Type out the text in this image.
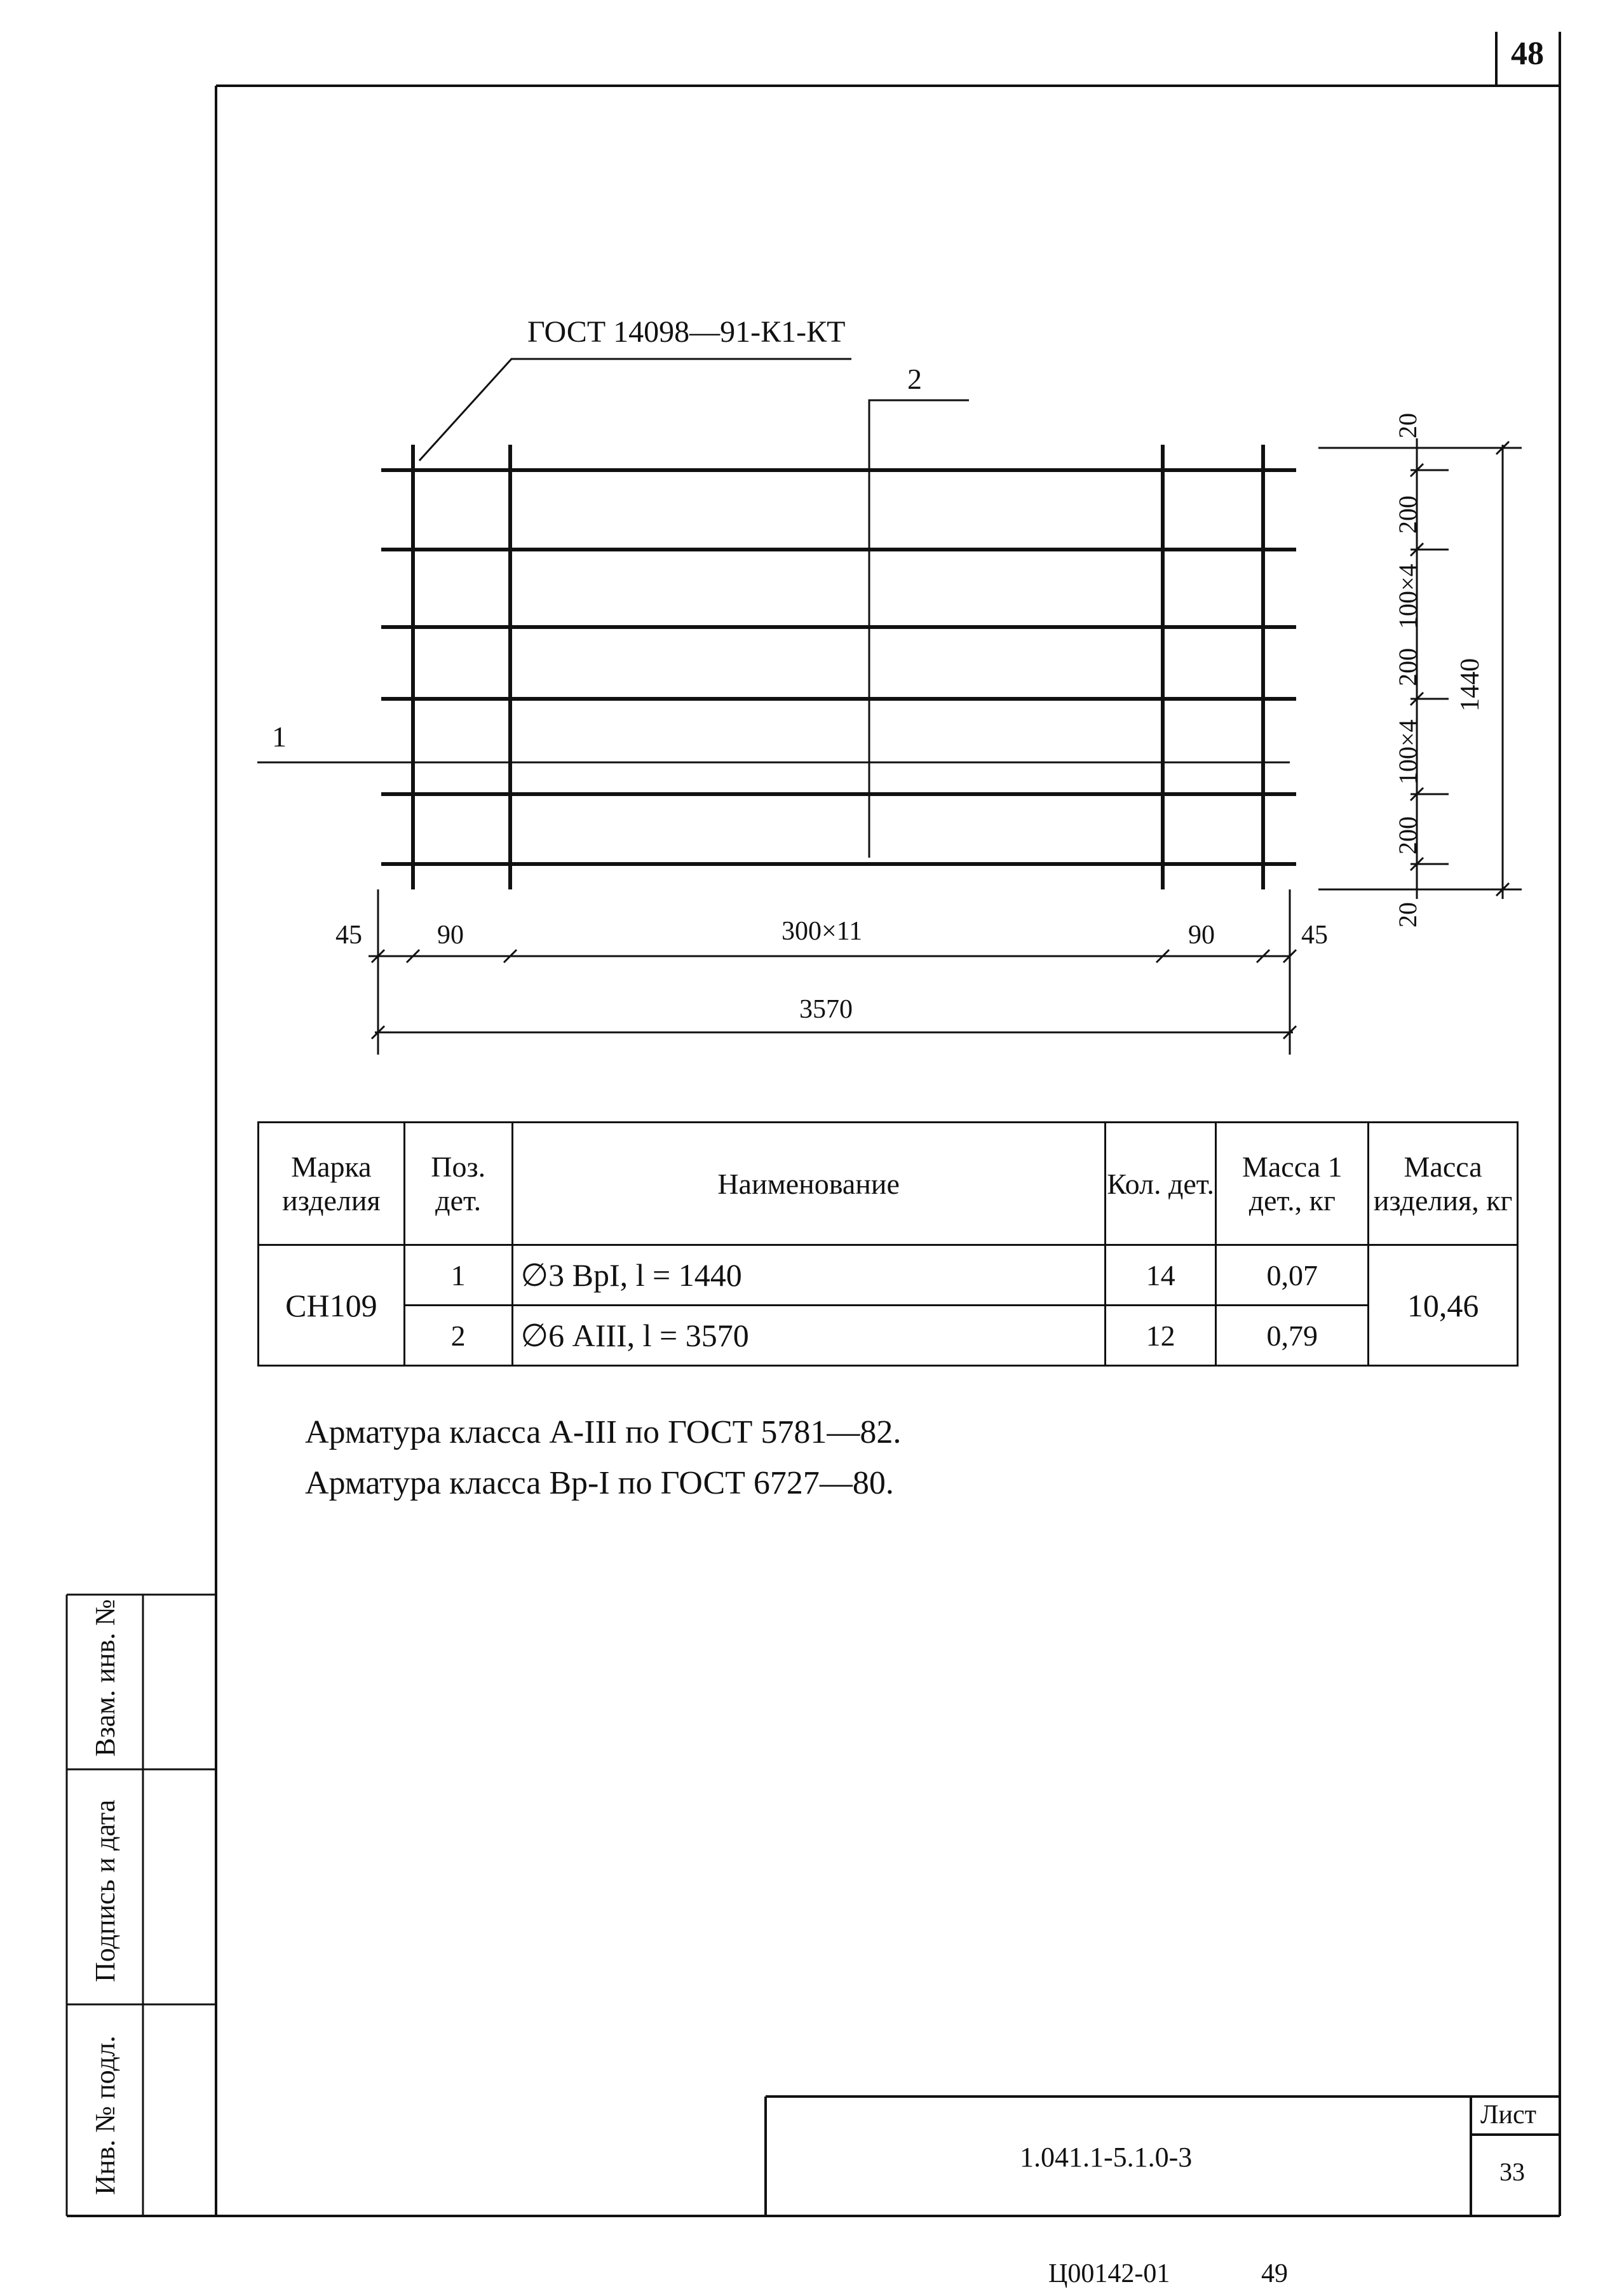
48
ГОСТ 14098—91-К1-КТ
2
1
45	90	300×11	90	45
3570
20
200
100×4
200
100×4
200
20
1440
Марка изделия	Поз. дет.	Наименование	Кол. дет.	Масса 1 дет., кг	Масса изделия, кг
СН109	1	∅3 ВрI, l = 1440	14	0,07	10,46
	2	∅6 АIII, l = 3570	12	0,79	
Арматура класса А-III по ГОСТ 5781—82.
Арматура класса Вр-I по ГОСТ 6727—80.
Взам. инв. №
Подпись и дата
Инв. № подл.	1.041.1-5.1.0-3
Лист
33
Ц00142-01	49
